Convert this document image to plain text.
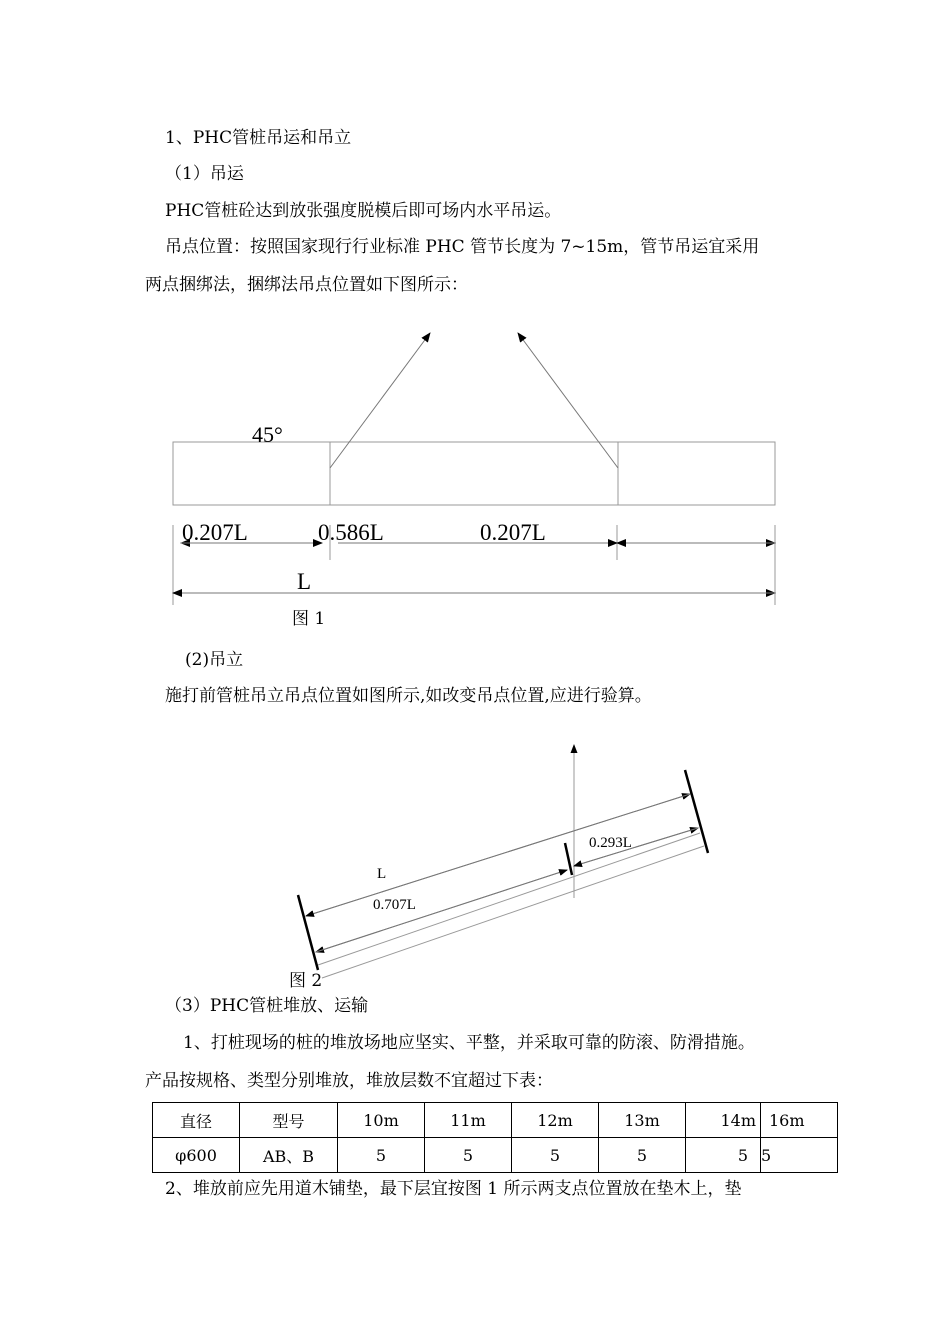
1、PHC管桩吊运和吊立
（1）吊运
PHC管桩砼达到放张强度脱模后即可场内水平吊运。
吊点位置：按照国家现行行业标准 PHC 管节长度为 7~15m，管节吊运宜采用
两点捆绑法，捆绑法吊点位置如下图所示：
45°
0.207L	0.586L	0.207L
L
图 1
(2)吊立
施打前管桩吊立吊点位置如图所示,如改变吊点位置,应进行验算。
0.293L
L
0.707L
图 2
（3）PHC管桩堆放、运输
1、打桩现场的桩的堆放场地应坚实、平整，并采取可靠的防滚、防滑措施。
产品按规格、类型分别堆放，堆放层数不宜超过下表：
直径	型号	10m	11m	12m	13m	14m	16m
φ600	AB、B	5	5	5	5	5	5
2、堆放前应先用道木铺垫，最下层宜按图 1 所示两支点位置放在垫木上，垫
